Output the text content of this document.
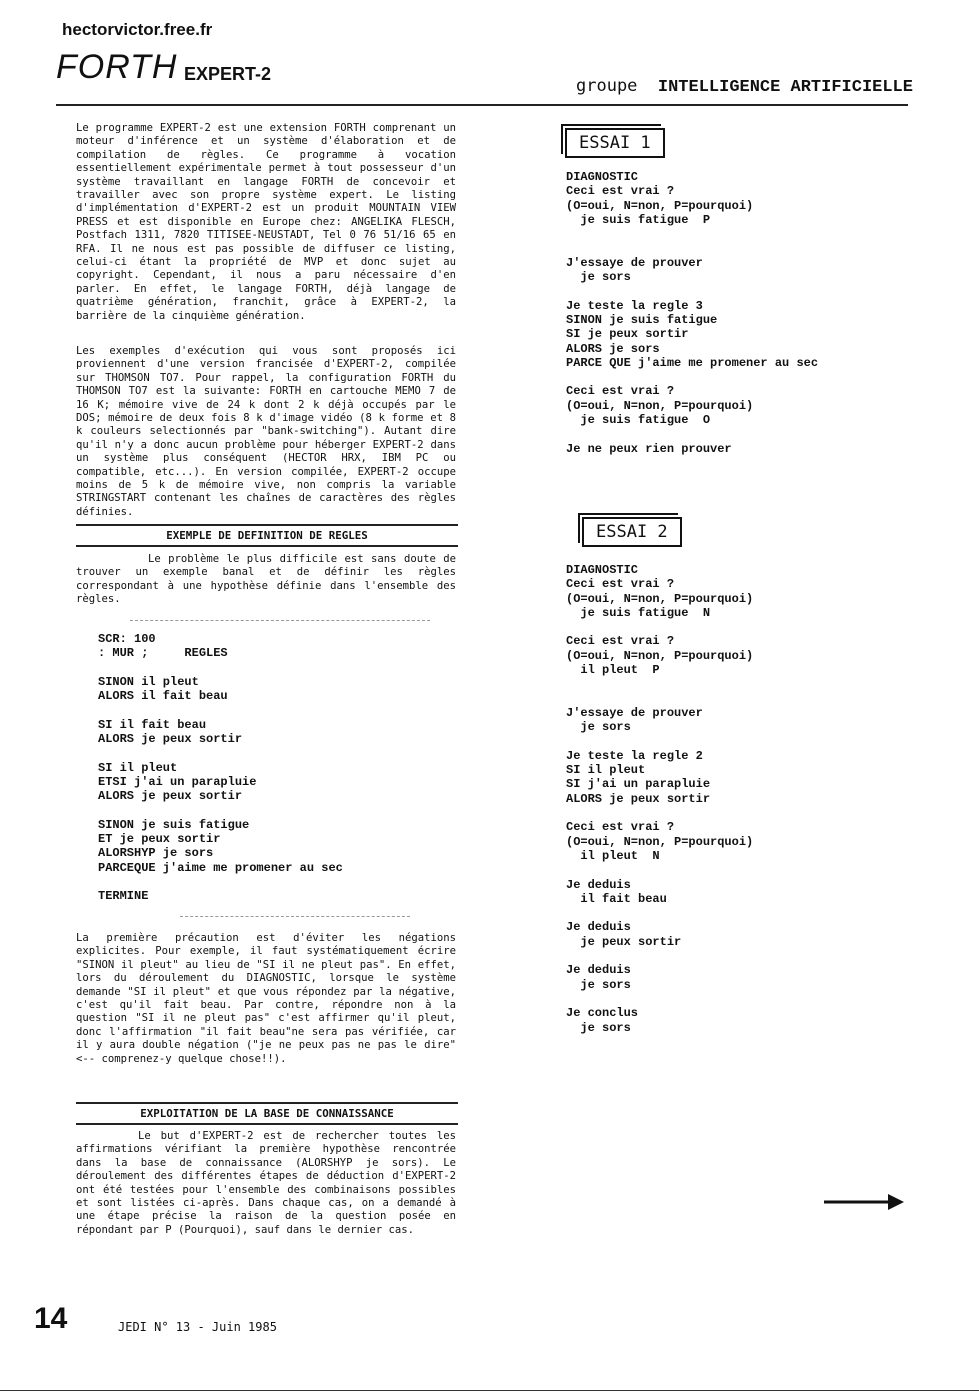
hectorvictor.free.fr
FORTH EXPERT-2
groupe INTELLIGENCE ARTIFICIELLE

Le programme EXPERT-2 est une extension FORTH comprenant un moteur d'inférence et un système d'élaboration et de compilation de règles. Ce programme à vocation essentiellement expérimentale permet à tout possesseur d'un système travaillant en langage FORTH de concevoir et travailler avec son propre système expert. Le listing d'implémentation d'EXPERT-2 est un produit MOUNTAIN VIEW PRESS et est disponible en Europe chez: ANGELIKA FLESCH, Postfach 1311, 7820 TITISEE-NEUSTADT, Tel 0 76 51/16 65 en RFA. Il ne nous est pas possible de diffuser ce listing, celui-ci étant la propriété de MVP et donc sujet au copyright. Cependant, il nous a paru nécessaire d'en parler. En effet, le langage FORTH, déjà langage de quatrième génération, franchit, grâce à EXPERT-2, la barrière de la cinquième génération.

Les exemples d'exécution qui vous sont proposés ici proviennent d'une version francisée d'EXPERT-2, compilée sur THOMSON TO7. Pour rappel, la configuration FORTH du THOMSON TO7 est la suivante: FORTH en cartouche MEMO 7 de 16 K; mémoire vive de 24 k dont 2 k déjà occupés par le DOS; mémoire de deux fois 8 k d'image vidéo (8 k forme et 8 k couleurs selectionnés par "bank-switching"). Autant dire qu'il n'y a donc aucun problème pour héberger EXPERT-2 dans un système plus conséquent (HECTOR HRX, IBM PC ou compatible, etc...). En version compilée, EXPERT-2 occupe moins de 5 k de mémoire vive, non compris la variable STRINGSTART contenant les chaînes de caractères des règles définies.

EXEMPLE DE DEFINITION DE REGLES

Le problème le plus difficile est sans doute de trouver un exemple banal et de définir les règles correspondant à une hypothèse définie dans l'ensemble des règles.

SCR: 100
: MUR ;     REGLES

SINON il pleut
ALORS il fait beau

SI il fait beau
ALORS je peux sortir

SI il pleut
ETSI j'ai un parapluie
ALORS je peux sortir

SINON je suis fatigue
ET je peux sortir
ALORSHYP je sors
PARCEQUE j'aime me promener au sec

TERMINE

La première précaution est d'éviter les négations explicites. Pour exemple, il faut systématiquement écrire "SINON il pleut" au lieu de "SI il ne pleut pas". En effet, lors du déroulement du DIAGNOSTIC, lorsque le système demande "SI il pleut" et que vous répondez par la négative, c'est qu'il fait beau. Par contre, répondre non à la question "SI il ne pleut pas" c'est affirmer qu'il pleut, donc l'affirmation "il fait beau"ne sera pas vérifiée, car il y aura double négation ("je ne peux pas ne pas le dire" <-- comprenez-y quelque chose!!).

EXPLOITATION DE LA BASE DE CONNAISSANCE

Le but d'EXPERT-2 est de rechercher toutes les affirmations vérifiant la première hypothèse rencontrée dans la base de connaissance (ALORSHYP je sors). Le déroulement des différentes étapes de déduction d'EXPERT-2 ont été testées pour l'ensemble des combinaisons possibles et sont listées ci-après. Dans chaque cas, on a demandé à une étape précise la raison de la question posée en répondant par P (Pourquoi), sauf dans le dernier cas.

ESSAI 1
DIAGNOSTIC
Ceci est vrai ?
(O=oui, N=non, P=pourquoi)
je suis fatigue  P

J'essaye de prouver
je sors

Je teste la regle 3
SINON je suis fatigue
SI je peux sortir
ALORS je sors
PARCE QUE j'aime me promener au sec

Ceci est vrai ?
(O=oui, N=non, P=pourquoi)
je suis fatigue  O

Je ne peux rien prouver
ESSAI 2
DIAGNOSTIC
Ceci est vrai ?
(O=oui, N=non, P=pourquoi)
je suis fatigue  N

Ceci est vrai ?
(O=oui, N=non, P=pourquoi)
il pleut  P

J'essaye de prouver
je sors

Je teste la regle 2
SI il pleut
SI j'ai un parapluie
ALORS je peux sortir

Ceci est vrai ?
(O=oui, N=non, P=pourquoi)
il pleut  N

Je deduis
il fait beau

Je deduis
je peux sortir

Je deduis
je sors

Je conclus
je sors
14	JEDI N° 13 - Juin 1985
